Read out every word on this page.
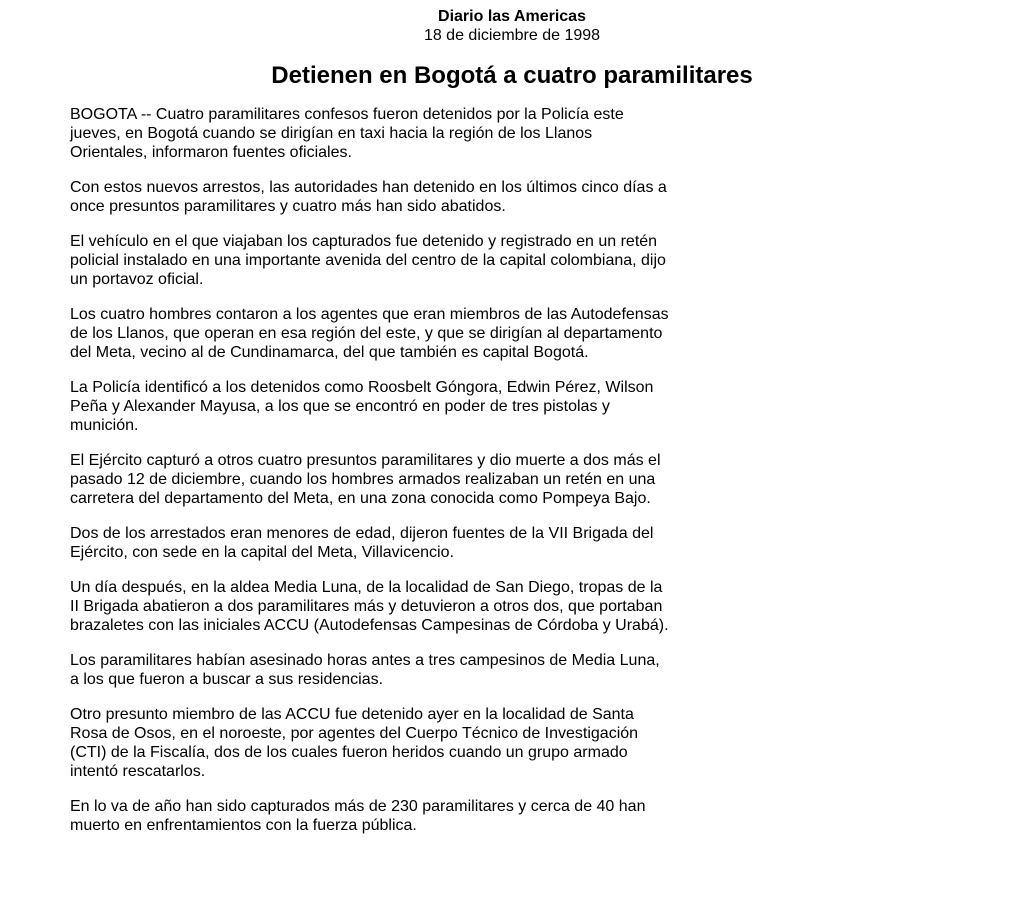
Diario las Americas
18 de diciembre de 1998
Detienen en Bogotá a cuatro paramilitares

BOGOTA -- Cuatro paramilitares confesos fueron detenidos por la Policía este jueves, en Bogotá cuando se dirigían en taxi hacia la región de los Llanos Orientales, informaron fuentes oficiales.

Con estos nuevos arrestos, las autoridades han detenido en los últimos cinco días a once presuntos paramilitares y cuatro más han sido abatidos.

El vehículo en el que viajaban los capturados fue detenido y registrado en un retén policial instalado en una importante avenida del centro de la capital colombiana, dijo un portavoz oficial.

Los cuatro hombres contaron a los agentes que eran miembros de las Autodefensas de los Llanos, que operan en esa región del este, y que se dirigían al departamento del Meta, vecino al de Cundinamarca, del que también es capital Bogotá.

La Policía identificó a los detenidos como Roosbelt Góngora, Edwin Pérez, Wilson Peña y Alexander Mayusa, a los que se encontró en poder de tres pistolas y munición.

El Ejército capturó a otros cuatro presuntos paramilitares y dio muerte a dos más el pasado 12 de diciembre, cuando los hombres armados realizaban un retén en una carretera del departamento del Meta, en una zona conocida como Pompeya Bajo.

Dos de los arrestados eran menores de edad, dijeron fuentes de la VII Brigada del Ejército, con sede en la capital del Meta, Villavicencio.

Un día después, en la aldea Media Luna, de la localidad de San Diego, tropas de la II Brigada abatieron a dos paramilitares más y detuvieron a otros dos, que portaban brazaletes con las iniciales ACCU (Autodefensas Campesinas de Córdoba y Urabá).

Los paramilitares habían asesinado horas antes a tres campesinos de Media Luna, a los que fueron a buscar a sus residencias.

Otro presunto miembro de las ACCU fue detenido ayer en la localidad de Santa Rosa de Osos, en el noroeste, por agentes del Cuerpo Técnico de Investigación (CTI) de la Fiscalía, dos de los cuales fueron heridos cuando un grupo armado intentó rescatarlos.

En lo va de año han sido capturados más de 230 paramilitares y cerca de 40 han muerto en enfrentamientos con la fuerza pública.
